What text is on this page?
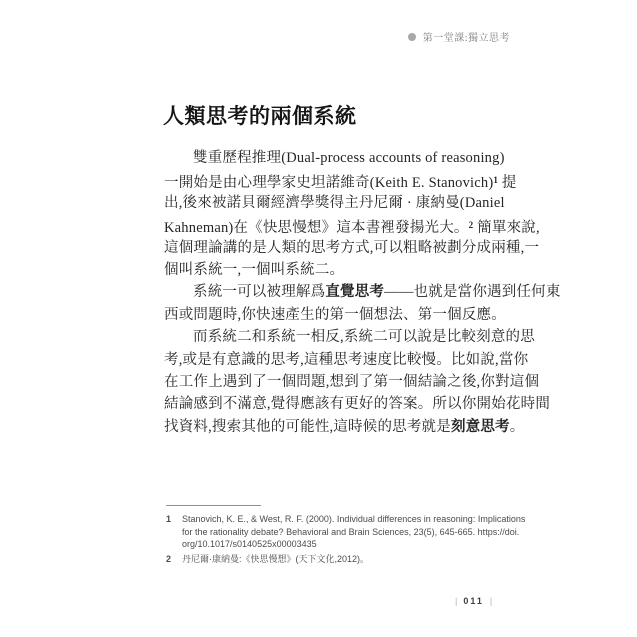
第一堂課:獨立思考
人類思考的兩個系統
雙重歷程推理(Dual-process accounts of reasoning)
一開始是由心理學家史坦諾維奇(Keith E. Stanovich)$^1$ 提
出,後來被諾貝爾經濟學獎得主丹尼爾 · 康納曼(Daniel
Kahneman)在《快思慢想》這本書裡發揚光大。$^2$ 簡單來說,
這個理論講的是人類的思考方式,可以粗略被劃分成兩種,一
個叫系統一,一個叫系統二。
系統一可以被理解爲直覺思考——也就是當你遇到任何東
西或問題時,你快速產生的第一個想法、第一個反應。
而系統二和系統一相反,系統二可以說是比較刻意的思
考,或是有意識的思考,這種思考速度比較慢。比如說,當你
在工作上遇到了一個問題,想到了第一個結論之後,你對這個
結論感到不滿意,覺得應該有更好的答案。所以你開始花時間
找資料,搜索其他的可能性,這時候的思考就是刻意思考。
1	Stanovich, K. E., & West, R. F. (2000). Individual differences in reasoning: Implications
for the rationality debate? Behavioral and Brain Sciences, 23(5), 645-665. https://doi.
org/10.1017/s0140525x00003435
2	丹尼爾·康納曼:《快思慢想》(天下文化,2012)。
| 011 |
